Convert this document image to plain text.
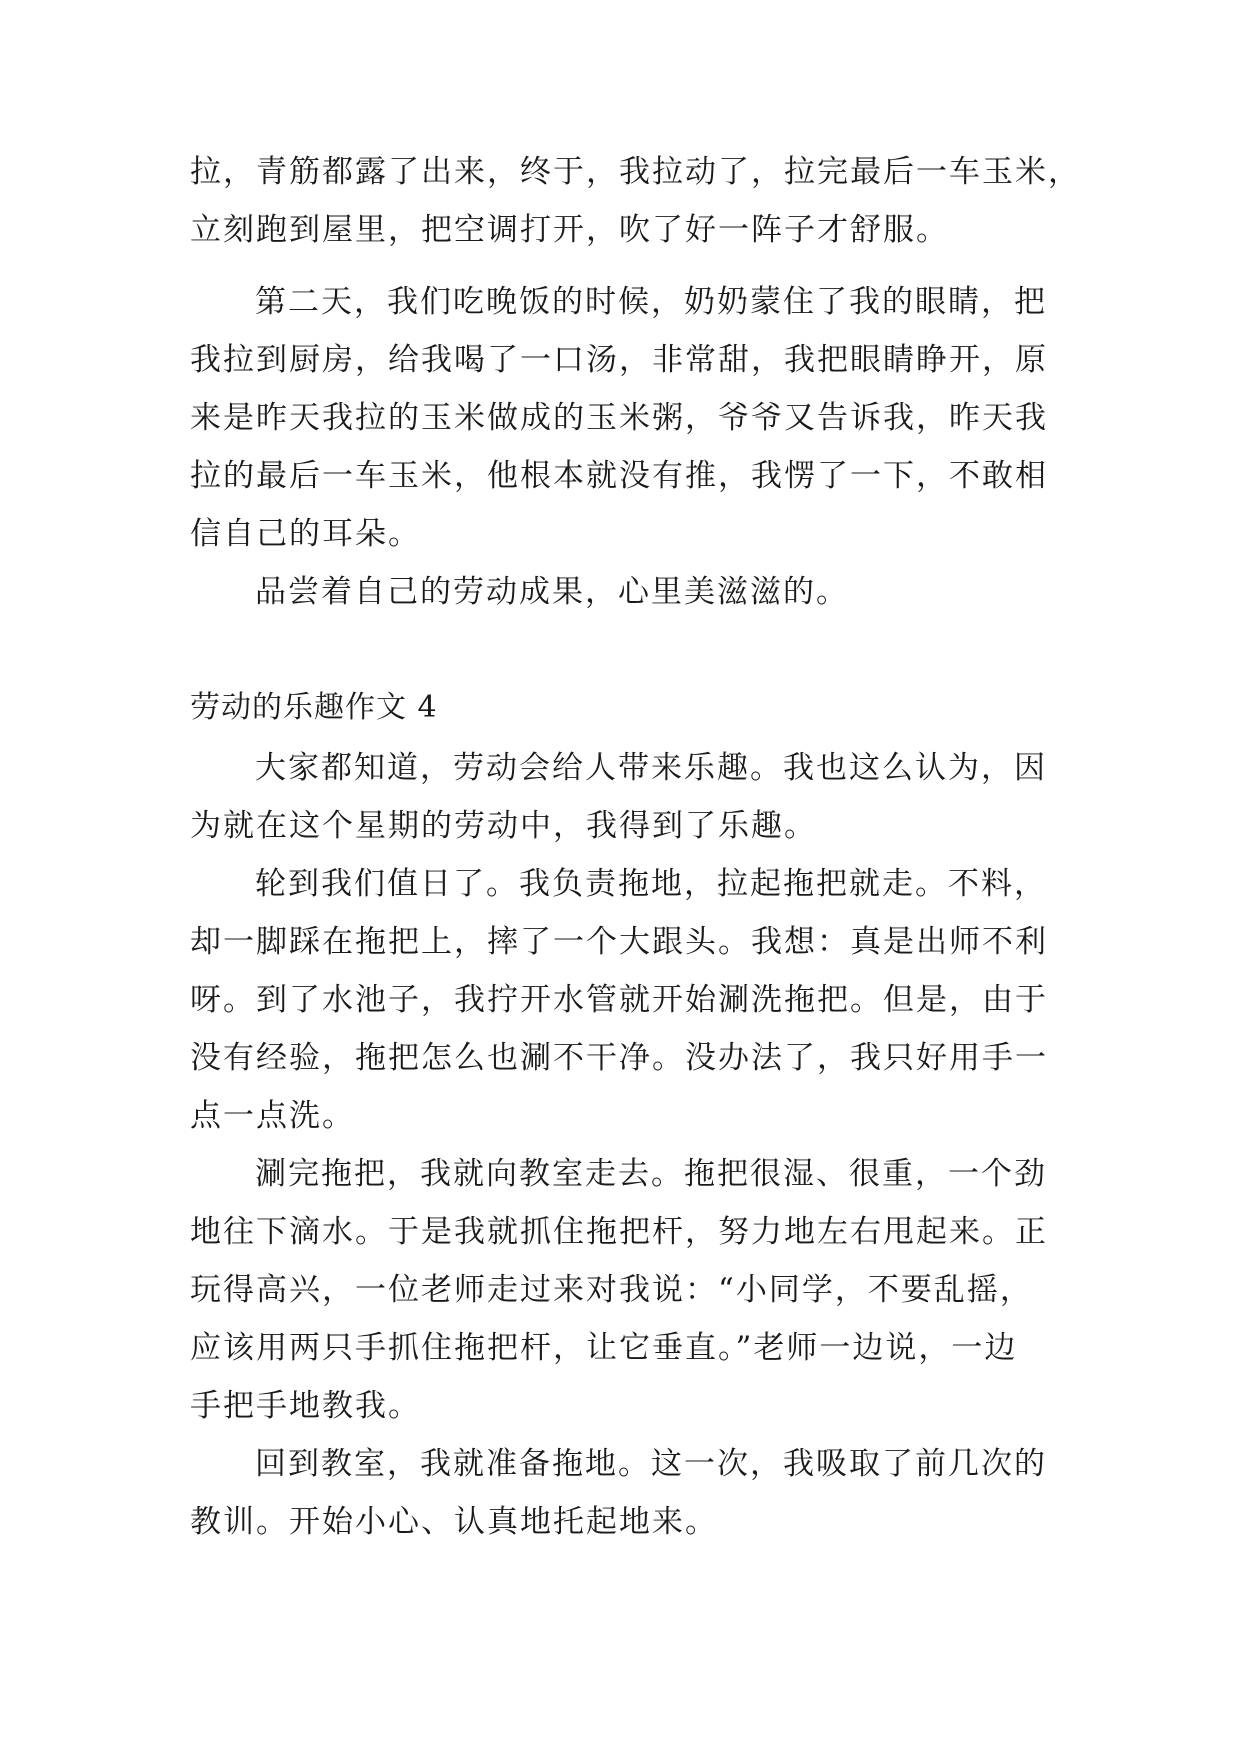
拉，青筋都露了出来，终于，我拉动了，拉完最后一车玉米，
立刻跑到屋里，把空调打开，吹了好一阵子才舒服。
第二天，我们吃晚饭的时候，奶奶蒙住了我的眼睛，把
我拉到厨房，给我喝了一口汤，非常甜，我把眼睛睁开，原
来是昨天我拉的玉米做成的玉米粥，爷爷又告诉我，昨天我
拉的最后一车玉米，他根本就没有推，我愣了一下，不敢相
信自己的耳朵。
品尝着自己的劳动成果，心里美滋滋的。
劳动的乐趣作文 4
大家都知道，劳动会给人带来乐趣。我也这么认为，因
为就在这个星期的劳动中，我得到了乐趣。
轮到我们值日了。我负责拖地，拉起拖把就走。不料，
却一脚踩在拖把上，摔了一个大跟头。我想：真是出师不利
呀。到了水池子，我拧开水管就开始涮洗拖把。但是，由于
没有经验，拖把怎么也涮不干净。没办法了，我只好用手一
点一点洗。
涮完拖把，我就向教室走去。拖把很湿、很重，一个劲
地往下滴水。于是我就抓住拖把杆，努力地左右甩起来。正
玩得高兴，一位老师走过来对我说：“小同学，不要乱摇，
应该用两只手抓住拖把杆，让它垂直。”老师一边说，一边
手把手地教我。
回到教室，我就准备拖地。这一次，我吸取了前几次的
教训。开始小心、认真地托起地来。
